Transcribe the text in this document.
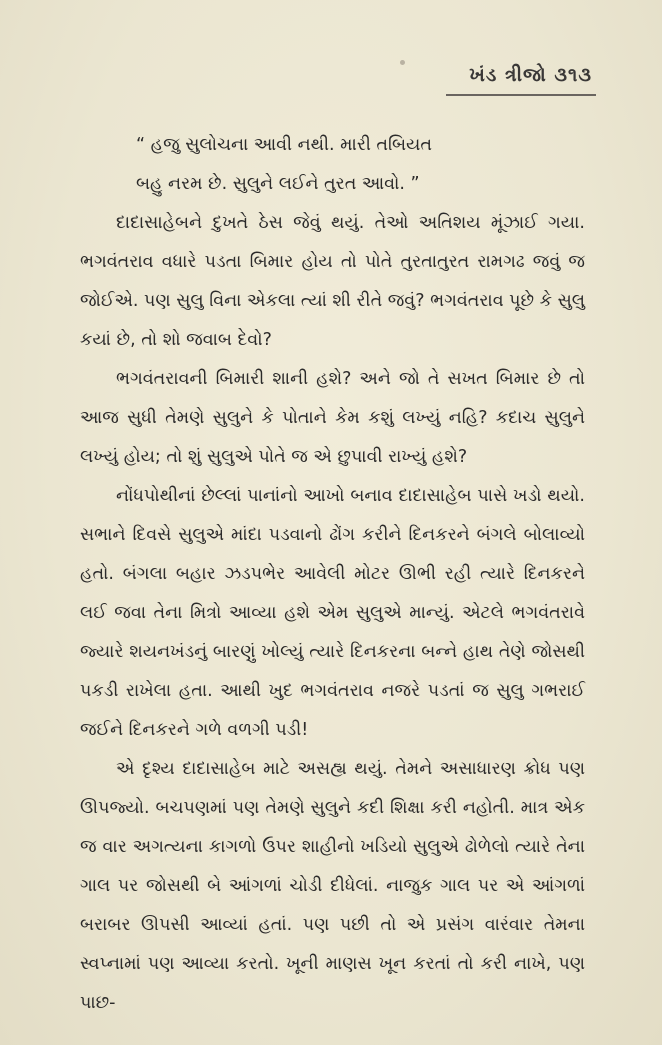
ખંડ ત્રીજો ૩૧૩

“ હજુ સુલોચના આવી નથી. મારી તબિયત

બહુ નરમ છે. સુલુને લઈને તુરત આવો. ”

દાદાસાહેબને દુખતે ઠેસ જેવું થયું. તેઓ અતિશય મૂંઝાઈ ગયા. ભગવંતરાવ વધારે પડતા બિમાર હોય તો પોતે તુરતાતુરત રામગઢ જવું જ જોઈએ. પણ સુલુ વિના એકલા ત્યાં શી રીતે જવું? ભગવંતરાવ પૂછે કે સુલુ કયાં છે, તો શો જવાબ દેવો?

ભગવંતરાવની બિમારી શાની હશે? અને જો તે સખત બિમાર છે તો આજ સુધી તેમણે સુલુને કે પોતાને કેમ કશું લખ્યું નહિ? કદાચ સુલુને લખ્યું હોય; તો શું સુલુએ પોતે જ એ છુપાવી રાખ્યું હશે?

નોંધપોથીનાં છેલ્લાં પાનાંનો આખો બનાવ દાદાસાહેબ પાસે ખડો થયો. સભાને દિવસે સુલુએ માંદા પડવાનો ઢોંગ કરીને દિનકરને બંગલે બોલાવ્યો હતો. બંગલા બહાર ઝડપભેર આવેલી મોટર ઊભી રહી ત્યારે દિનકરને લઈ જવા તેના મિત્રો આવ્યા હશે એમ સુલુએ માન્યું. એટલે ભગવંતરાવે જ્યારે શયનખંડનું બારણું ખોલ્યું ત્યારે દિનકરના બન્ને હાથ તેણે જોસથી પકડી રાખેલા હતા. આથી ખુદ ભગવંતરાવ નજરે પડતાં જ સુલુ ગભરાઈ જઈને દિનકરને ગળે વળગી પડી!

એ દૃશ્ય દાદાસાહેબ માટે અસહ્ય થયું. તેમને અસાધારણ ક્રોધ પણ ઊપજ્યો. બચપણમાં પણ તેમણે સુલુને કદી શિક્ષા કરી નહોતી. માત્ર એક જ વાર અગત્યના કાગળો ઉપર શાહીનો ખડિયો સુલુએ ઢોળેલો ત્યારે તેના ગાલ પર જોસથી બે આંગળાં ચોડી દીધેલાં. નાજુક ગાલ પર એ આંગળાં બરાબર ઊપસી આવ્યાં હતાં. પણ પછી તો એ પ્રસંગ વારંવાર તેમના સ્વપ્નામાં પણ આવ્યા કરતો. ખૂની માણસ ખૂન કરતાં તો કરી નાખે, પણ પાછ-
